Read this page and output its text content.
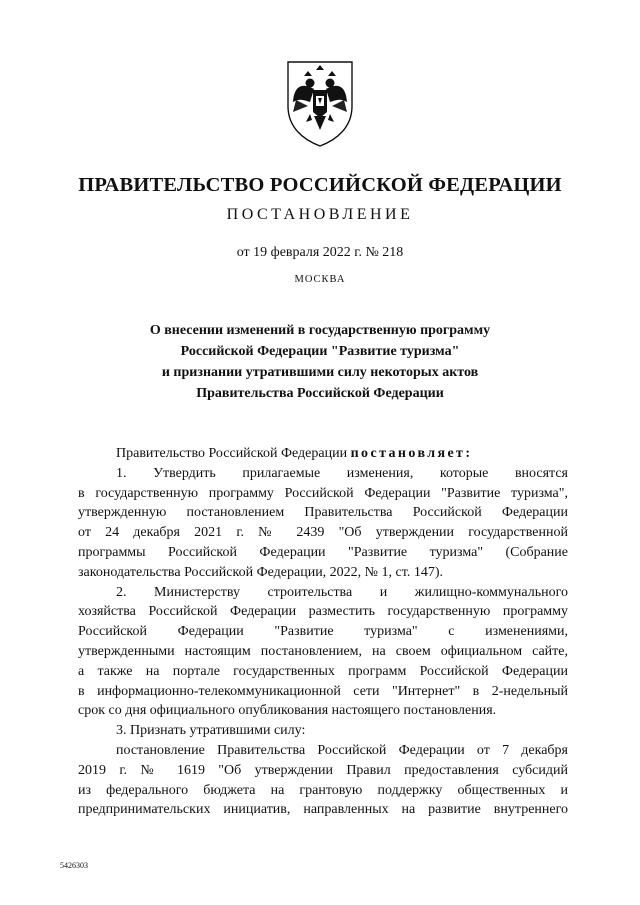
ПРАВИТЕЛЬСТВО РОССИЙСКОЙ ФЕДЕРАЦИИ
ПОСТАНОВЛЕНИЕ
от 19 февраля 2022 г. № 218
МОСКВА
О внесении изменений в государственную программу
Российской Федерации "Развитие туризма"
и признании утратившими силу некоторых актов
Правительства Российской Федерации
Правительство Российской Федерации постановляет:
1. Утвердить прилагаемые изменения, которые вносятся
в государственную программу Российской Федерации "Развитие туризма",
утвержденную постановлением Правительства Российской Федерации
от 24 декабря 2021 г. № 2439 "Об утверждении государственной
программы Российской Федерации "Развитие туризма" (Собрание
законодательства Российской Федерации, 2022, № 1, ст. 147).
2. Министерству строительства и жилищно-коммунального
хозяйства Российской Федерации разместить государственную программу
Российской Федерации "Развитие туризма" с изменениями,
утвержденными настоящим постановлением, на своем официальном сайте,
а также на портале государственных программ Российской Федерации
в информационно-телекоммуникационной сети "Интернет" в 2-недельный
срок со дня официального опубликования настоящего постановления.
3. Признать утратившими силу:
постановление Правительства Российской Федерации от 7 декабря
2019 г. № 1619 "Об утверждении Правил предоставления субсидий
из федерального бюджета на грантовую поддержку общественных и
предпринимательских инициатив, направленных на развитие внутреннего
5426303
